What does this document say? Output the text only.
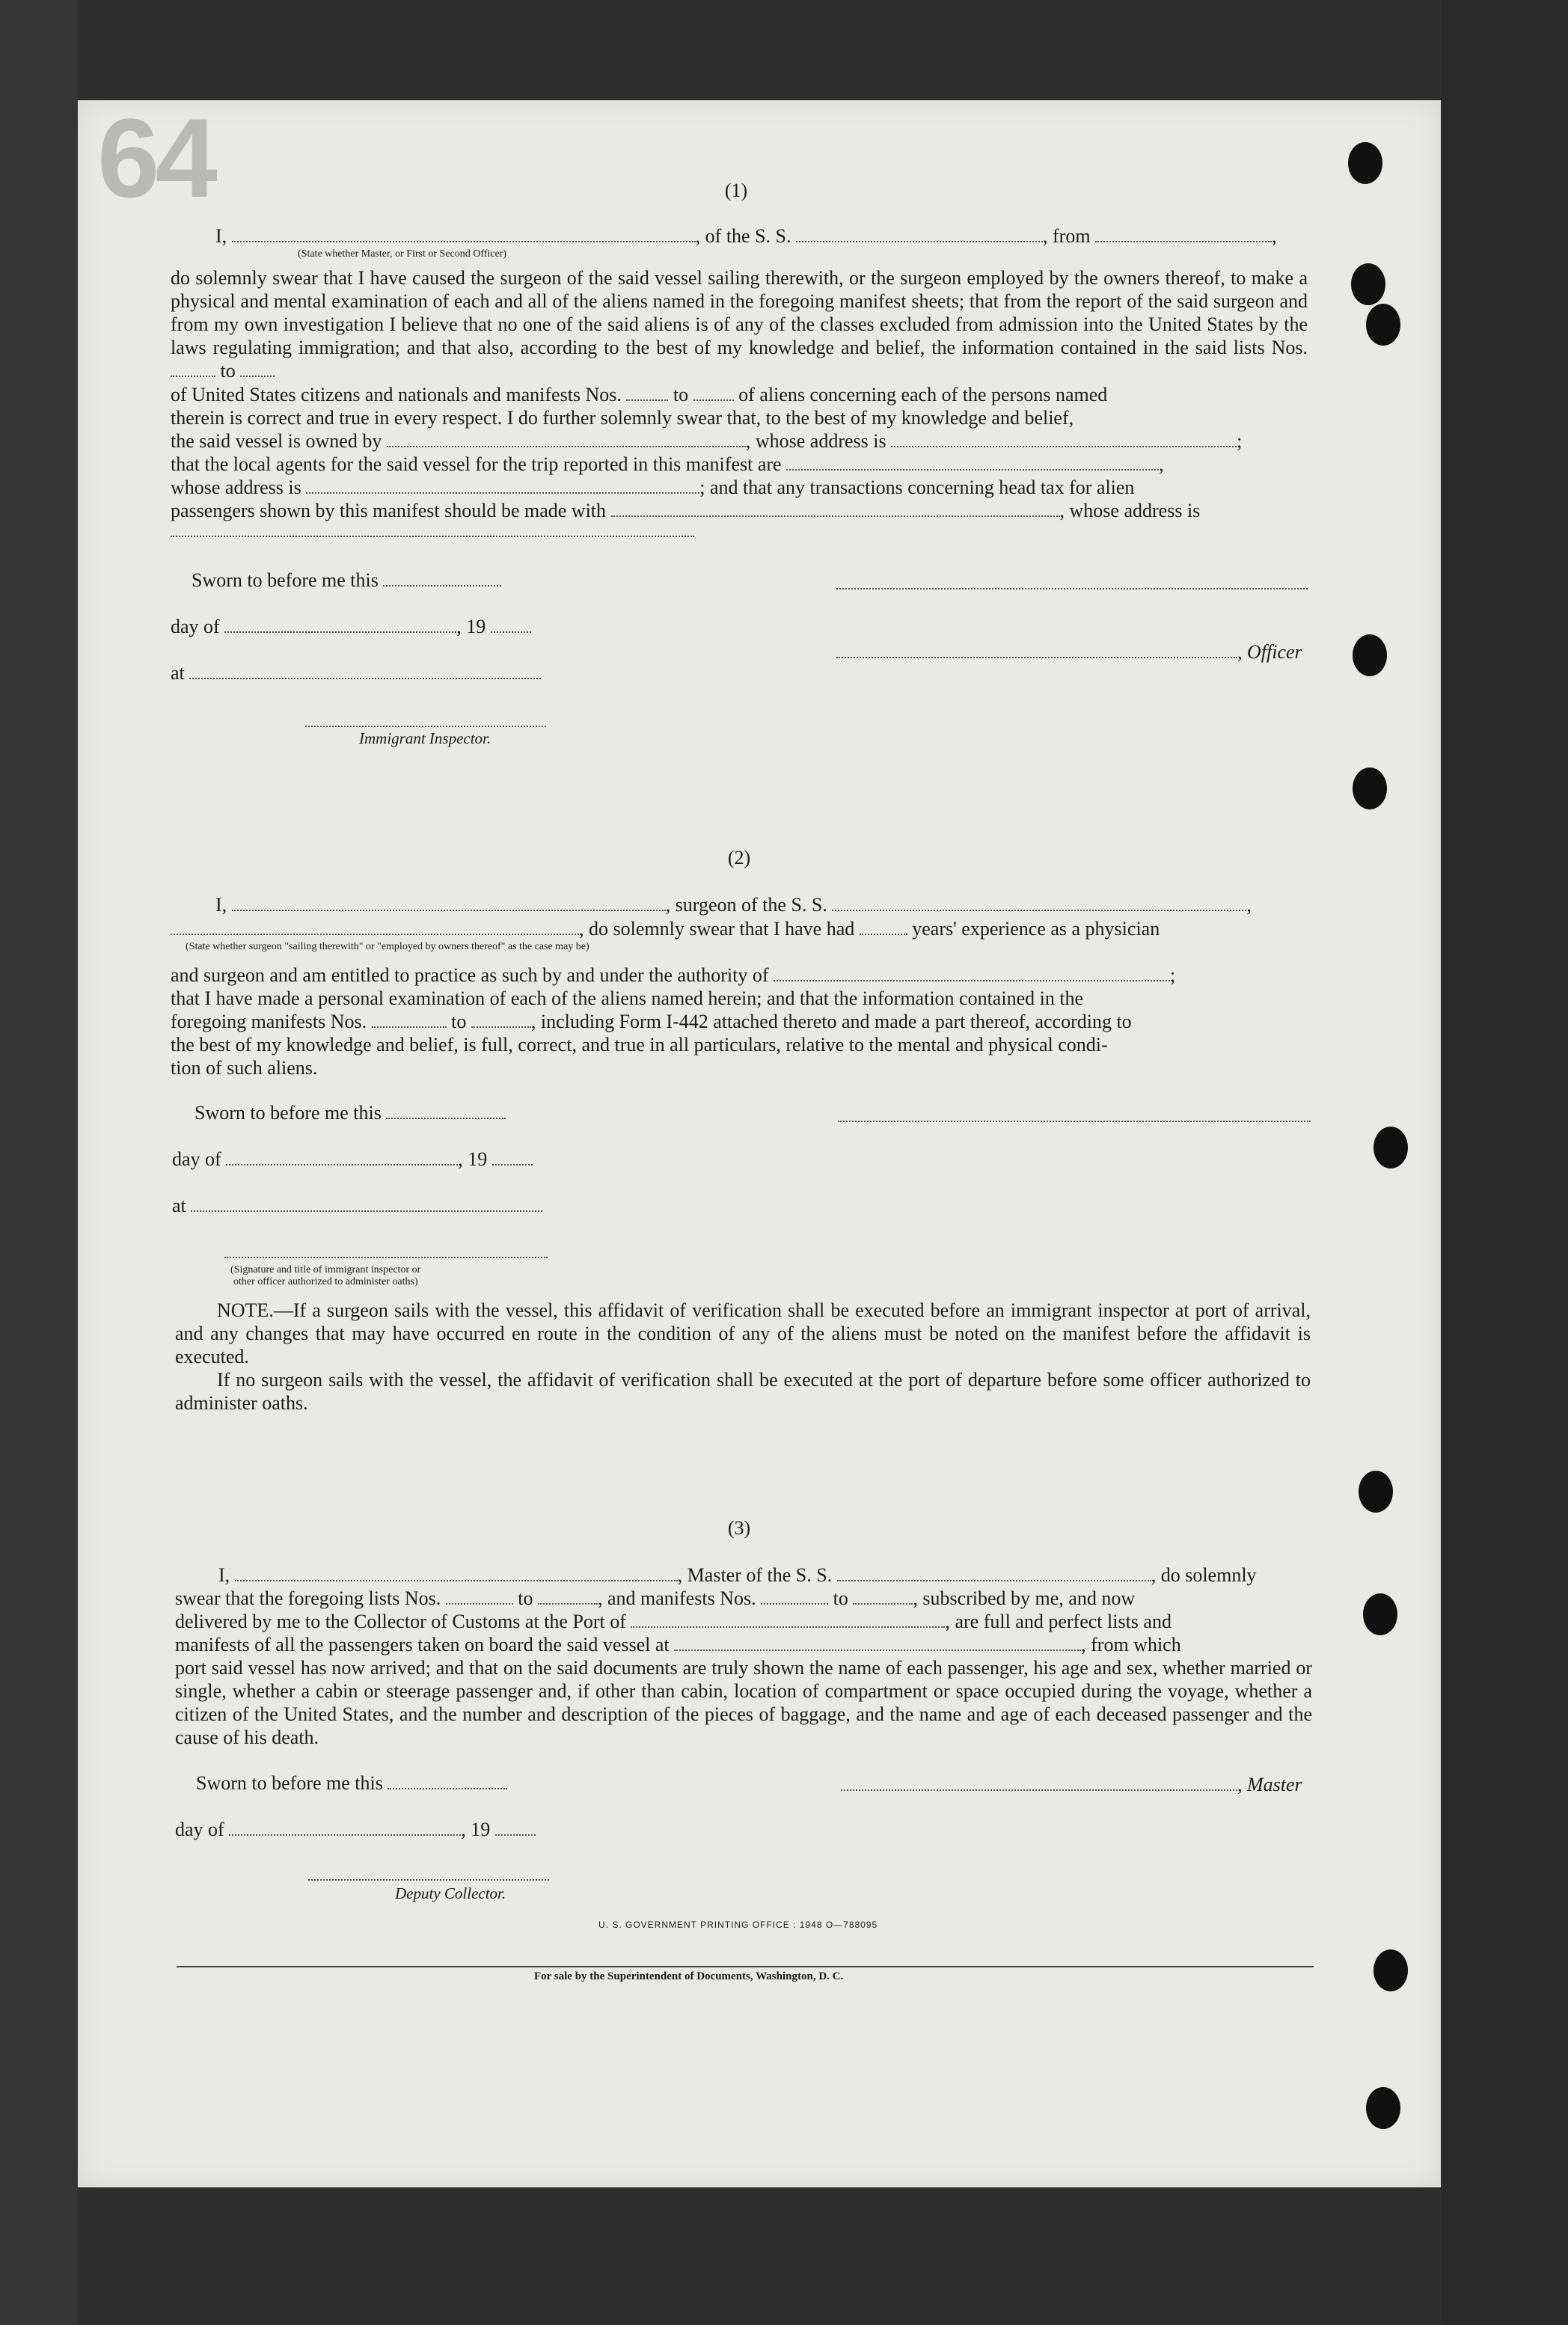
64	(1)
I,	, of the S. S.	, from	,
(State whether Master, or First or Second Officer)
do solemnly swear that I have caused the surgeon of the said vessel sailing therewith, or the surgeon employed by the owners thereof, to make a physical and mental examination of each and all of the aliens named in the foregoing manifest sheets; that from the report of the said surgeon and from my own investigation I believe that no one of the said aliens is of any of the classes excluded from admission into the United States by the laws regulating immigration; and that also, according to the best of my knowledge and belief, the information contained in the said lists Nos.  to
of United States citizens and nationals and manifests Nos.	to	of aliens concerning each of the persons named
therein is correct and true in every respect. I do further solemnly swear that, to the best of my knowledge and belief,
the said vessel is owned by	, whose address is	;
that the local agents for the said vessel for the trip reported in this manifest are	,
whose address is	; and that any transactions concerning head tax for alien
passengers shown by this manifest should be made with	, whose address is
Sworn to before me this
day of	, 19
, Officer
at
Immigrant Inspector.
(2)
I,	, surgeon of the S. S.	,
, do solemnly swear that I have had	years' experience as a physician
(State whether surgeon "sailing therewith" or "employed by owners thereof" as the case may be)
and surgeon and am entitled to practice as such by and under the authority of	;
that I have made a personal examination of each of the aliens named herein; and that the information contained in the
foregoing manifests Nos.	to	, including Form I-442 attached thereto and made a part thereof, according to
the best of my knowledge and belief, is full, correct, and true in all particulars, relative to the mental and physical condi-
tion of such aliens.
Sworn to before me this
day of	, 19
at
(Signature and title of immigrant inspector or
other officer authorized to administer oaths)
NOTE.—If a surgeon sails with the vessel, this affidavit of verification shall be executed before an immigrant inspector at port of arrival, and any changes that may have occurred en route in the condition of any of the aliens must be noted on the manifest before the affidavit is executed.
If no surgeon sails with the vessel, the affidavit of verification shall be executed at the port of departure before some officer authorized to administer oaths.
(3)
I,	, Master of the S. S.	, do solemnly
swear that the foregoing lists Nos.	to	, and manifests Nos.	to	, subscribed by me, and now
delivered by me to the Collector of Customs at the Port of	, are full and perfect lists and
manifests of all the passengers taken on board the said vessel at	, from which
port said vessel has now arrived; and that on the said documents are truly shown the name of each passenger, his age and sex, whether married or single, whether a cabin or steerage passenger and, if other than cabin, location of compartment or space occupied during the voyage, whether a citizen of the United States, and the number and description of the pieces of baggage, and the name and age of each deceased passenger and the cause of his death.
Sworn to before me this	, Master
day of	, 19
Deputy Collector.
U. S. GOVERNMENT PRINTING OFFICE : 1948 O—788095
For sale by the Superintendent of Documents, Washington, D. C.
